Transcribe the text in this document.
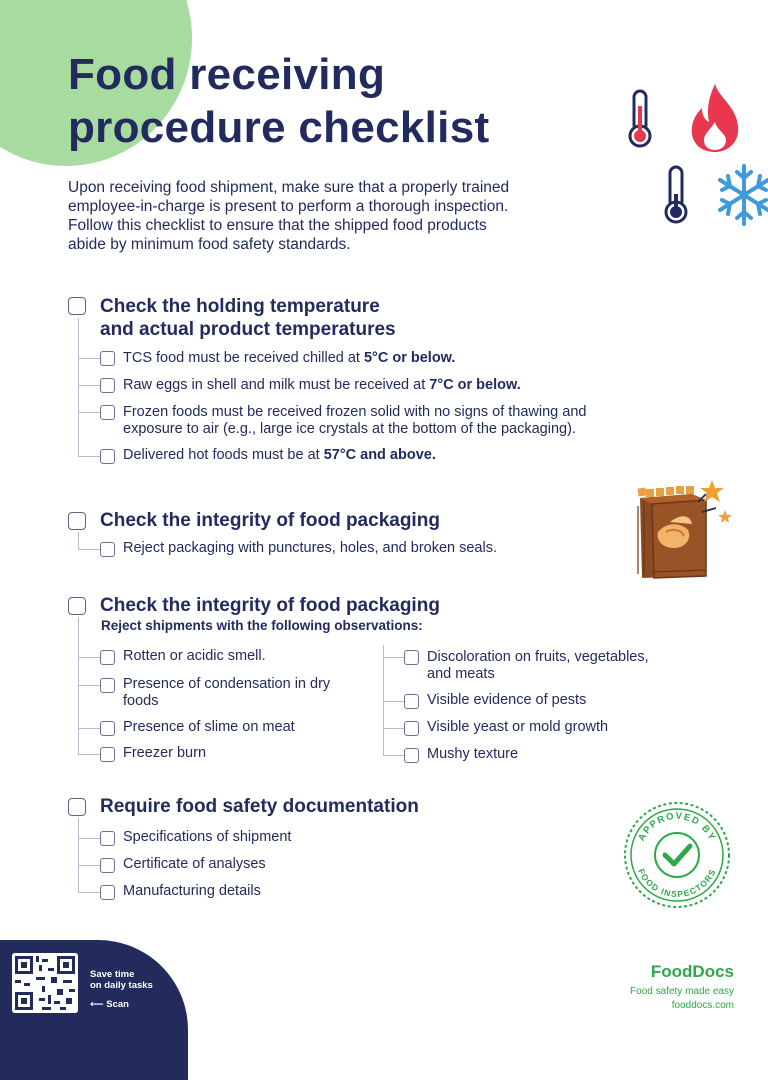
Food receiving
procedure checklist
Upon receiving food shipment, make sure that a properly trained
employee-in-charge is present to perform a thorough inspection.
Follow this checklist to ensure that the shipped food products
abide by minimum food safety standards.
Check the holding temperature
and actual product temperatures
TCS food must be received chilled at 5°C or below.
Raw eggs in shell and milk must be received at 7°C or below.
Frozen foods must be received frozen solid with no signs of thawing and
exposure to air (e.g., large ice crystals at the bottom of the packaging).
Delivered hot foods must be at 57°C and above.
Check the integrity of food packaging
Reject packaging with punctures, holes, and broken seals.
Check the integrity of food packaging
Reject shipments with the following observations:
Rotten or acidic smell.
Presence of condensation in dry
foods
Presence of slime on meat
Freezer burn
Discoloration on fruits, vegetables,
and meats
Visible evidence of pests
Visible yeast or mold growth
Mushy texture
Require food safety documentation
Specifications of shipment
Certificate of analyses
Manufacturing details
APPROVED BY
FOOD INSPECTORS
Save time
on daily tasks
⟵ Scan
FoodDocs
Food safety made easy
fooddocs.com
